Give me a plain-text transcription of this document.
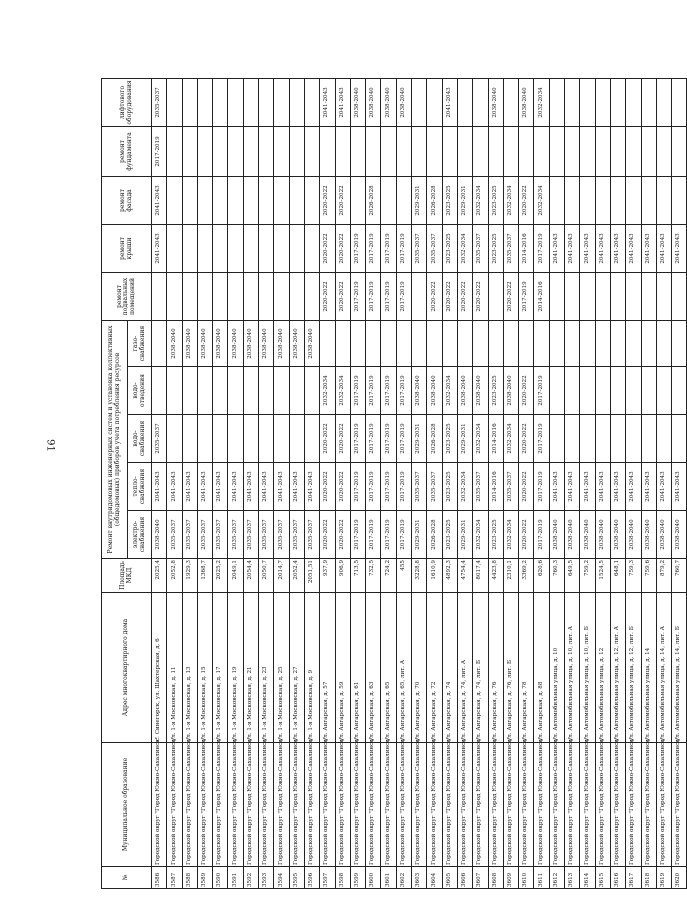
91
№	Муниципальное образование	Адрес многоквартирного дома	Площадь МКД	Ремонт внутридомовых инженерных систем и установка коллективных (общедомовых) приборов учета потребления ресурсов					ремонт подвальных помещений	ремонт крыши	ремонт фасада	ремонт фундамента	лифтового оборудования
				электро-снабжения	тепло-снабжения	водо-снабжения	водо-отведения	газо-снабжения					
3586	Городской округ "Город Южно-Сахалинск"	с. Синегорск, ул. Шахтерская, д. 6	2025,4	2038-2040	2041-2043	2035-2037				2041-2043	2041-2043	2017-2019	2035-2037
3587	Городской округ "Город Южно-Сахалинск"	ул. 1-я Московская, д. 11	2052,8	2035-2037	2041-2043			2038-2040					
3588	Городской округ "Город Южно-Сахалинск"	ул. 1-я Московская, д. 13	1929,3	2035-2037	2041-2043			2038-2040					
3589	Городской округ "Город Южно-Сахалинск"	ул. 1-я Московская, д. 15	1368,7	2035-2037	2041-2043			2038-2040					
3590	Городской округ "Город Южно-Сахалинск"	ул. 1-я Московская, д. 17	2025,2	2035-2037	2041-2043			2038-2040					
3591	Городской округ "Город Южно-Сахалинск"	ул. 1-я Московская, д. 19	2049,1	2035-2037	2041-2043			2038-2040					
3592	Городской округ "Город Южно-Сахалинск"	ул. 1-я Московская, д. 21	2054,4	2035-2037	2041-2043			2038-2040					
3593	Городской округ "Город Южно-Сахалинск"	ул. 1-я Московская, д. 23	2050,7	2035-2037	2041-2043			2038-2040					
3594	Городской округ "Город Южно-Сахалинск"	ул. 1-я Московская, д. 25	2014,7	2035-2037	2041-2043			2038-2040					
3595	Городской округ "Город Южно-Сахалинск"	ул. 1-я Московская, д. 27	2052,4	2035-2037	2041-2043			2038-2040					
3596	Городской округ "Город Южно-Сахалинск"	ул. 1-я Московская, д. 9	2051,51	2035-2037	2041-2043			2038-2040					
3597	Городской округ "Город Южно-Сахалинск"	ул. Ангарская, д. 57	937,9	2020-2022	2020-2022	2020-2022	2032-2034		2020-2022	2020-2022	2020-2022		2041-2043
3598	Городской округ "Город Южно-Сахалинск"	ул. Ангарская, д. 59	906,9	2020-2022	2020-2022	2020-2022	2032-2034		2020-2022	2020-2022	2020-2022		2041-2043
3599	Городской округ "Город Южно-Сахалинск"	ул. Ангарская, д. 61	713,5	2017-2019	2017-2019	2017-2019	2017-2019		2017-2019	2017-2019			2038-2040
3600	Городской округ "Город Южно-Сахалинск"	ул. Ангарская, д. 63	732,5	2017-2019	2017-2019	2017-2019	2017-2019		2017-2019	2017-2019	2026-2028		2038-2040
3601	Городской округ "Город Южно-Сахалинск"	ул. Ангарская, д. 65	724,2	2017-2019	2017-2019	2017-2019	2017-2019		2017-2019	2017-2019			2038-2040
3602	Городской округ "Город Южно-Сахалинск"	ул. Ангарская, д. 65, лит. А	455	2017-2019	2017-2019	2017-2019	2017-2019		2017-2019	2017-2019			2038-2040
3603	Городской округ "Город Южно-Сахалинск"	ул. Ангарская, д. 70	3228,8	2029-2031	2035-2037	2029-2031	2038-2040			2035-2037	2029-2031		
3604	Городской округ "Город Южно-Сахалинск"	ул. Ангарская, д. 72	1610,9	2026-2028	2035-2037	2026-2028	2038-2040		2020-2022	2035-2037	2026-2028		
3605	Городской округ "Город Южно-Сахалинск"	ул. Ангарская, д. 74	4892,3	2023-2025	2023-2025	2023-2025	2032-2034		2020-2022	2023-2025	2023-2025		2041-2043
3606	Городской округ "Город Южно-Сахалинск"	ул. Ангарская, д. 74, лит. А	4754,4	2029-2031	2032-2034	2029-2031	2038-2040		2020-2022	2032-2034	2029-2031		
3607	Городской округ "Город Южно-Сахалинск"	ул. Ангарская, д. 74, лит. Б	8017,4	2032-2034	2035-2037	2032-2034	2038-2040		2020-2022	2035-2037	2032-2034		
3608	Городской округ "Город Южно-Сахалинск"	ул. Ангарская, д. 76	4423,8	2023-2025	2014-2016	2014-2016	2023-2025			2023-2025	2023-2025		2038-2040
3609	Городской округ "Город Южно-Сахалинск"	ул. Ангарская, д. 76, лит. Б	2310,1	2032-2034	2035-2037	2032-2034	2038-2040		2020-2022	2035-2037	2032-2034		
3610	Городской округ "Город Южно-Сахалинск"	ул. Ангарская, д. 78	3369,2	2020-2022	2020-2022	2020-2022	2020-2022		2017-2019	2014-2016	2020-2022		2038-2040
3611	Городской округ "Город Южно-Сахалинск"	ул. Ангарская, д. 88	620,6	2017-2019	2017-2019	2017-2019	2017-2019		2014-2016	2017-2019	2032-2034		2032-2034
3612	Городской округ "Город Южно-Сахалинск"	ул. Автомобильная улица, д. 10	760,3	2038-2040	2041-2043					2041-2043			
3613	Городской округ "Город Южно-Сахалинск"	ул. Автомобильная улица, д. 10, лит. А	649,5	2038-2040	2041-2043					2041-2043			
3614	Городской округ "Город Южно-Сахалинск"	ул. Автомобильная улица, д. 10, лит. Б	759,2	2038-2040	2041-2043					2041-2043			
3615	Городской округ "Город Южно-Сахалинск"	ул. Автомобильная улица, д. 12	1524,5	2038-2040	2041-2043					2041-2043			
3616	Городской округ "Город Южно-Сахалинск"	ул. Автомобильная улица, д. 12, лит. А	648,1	2038-2040	2041-2043					2041-2043			
3617	Городской округ "Город Южно-Сахалинск"	ул. Автомобильная улица, д. 12, лит. Б	759,3	2038-2040	2041-2043					2041-2043			
3618	Городской округ "Город Южно-Сахалинск"	ул. Автомобильная улица, д. 14	759,6	2038-2040	2041-2043					2041-2043			
3619	Городской округ "Город Южно-Сахалинск"	ул. Автомобильная улица, д. 14, лит. А	879,2	2038-2040	2041-2043					2041-2043			
3620	Городской округ "Город Южно-Сахалинск"	ул. Автомобильная улица, д. 14, лит. Б	760,7	2038-2040	2041-2043					2041-2043			
